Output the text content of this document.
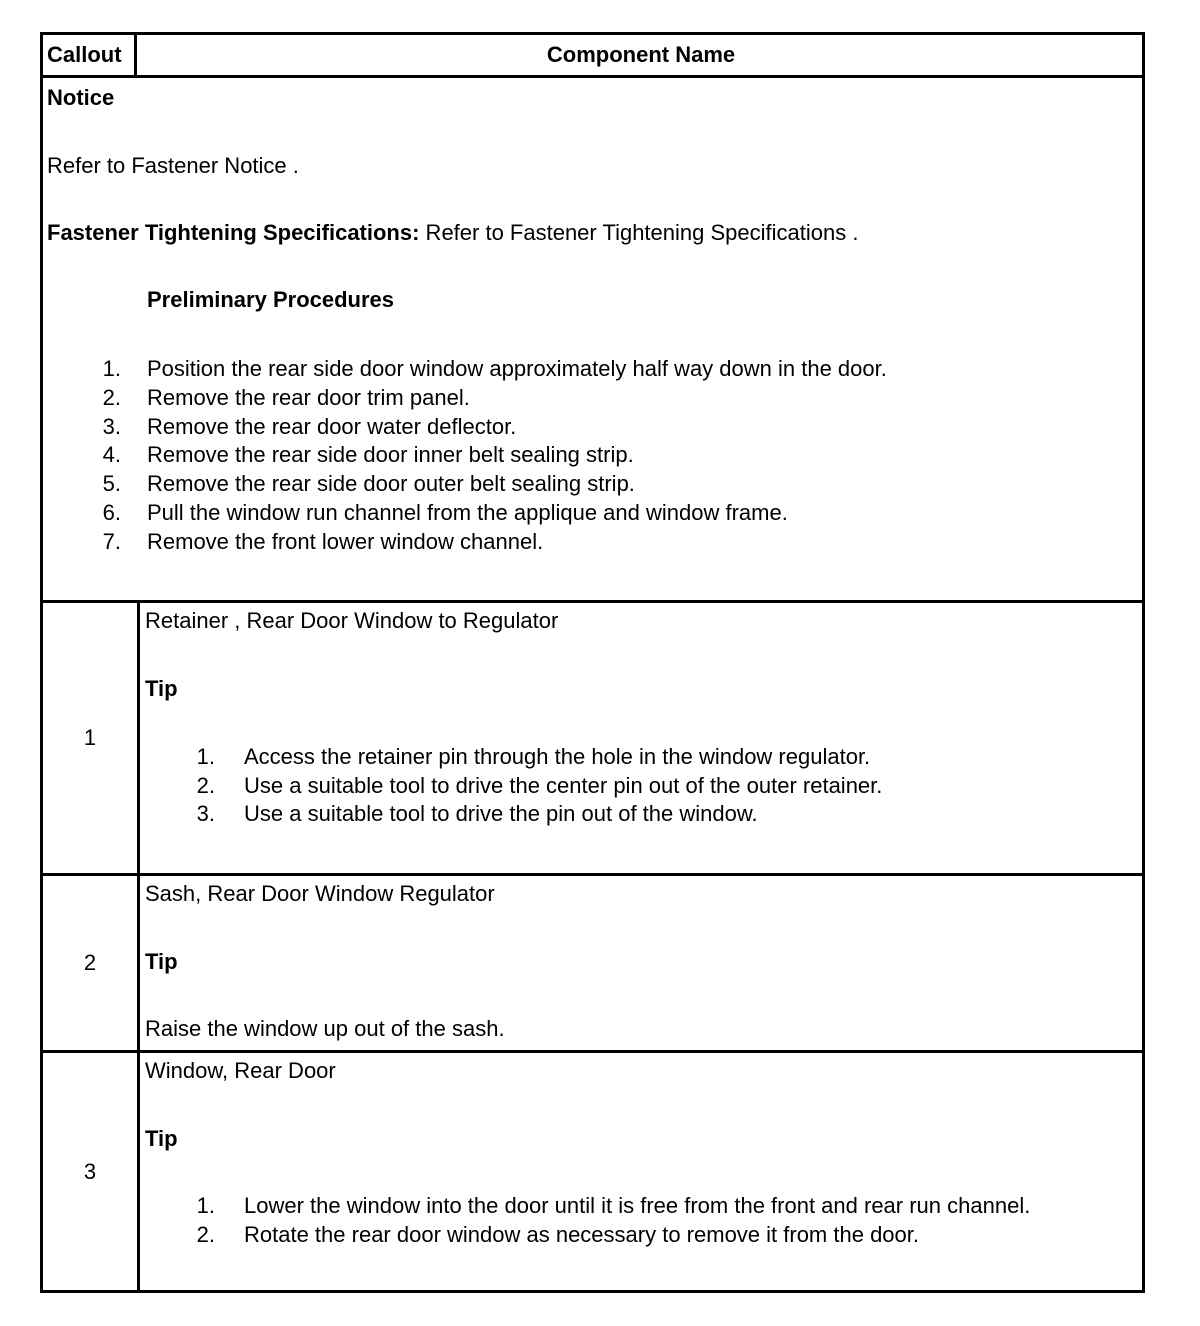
Callout	Component Name
Notice
Refer to Fastener Notice .
Fastener Tightening Specifications: Refer to Fastener Tightening Specifications .
Preliminary Procedures
1. Position the rear side door window approximately half way down in the door.
2. Remove the rear door trim panel.
3. Remove the rear door water deflector.
4. Remove the rear side door inner belt sealing strip.
5. Remove the rear side door outer belt sealing strip.
6. Pull the window run channel from the applique and window frame.
7. Remove the front lower window channel.
1
Retainer , Rear Door Window to Regulator
Tip
1. Access the retainer pin through the hole in the window regulator.
2. Use a suitable tool to drive the center pin out of the outer retainer.
3. Use a suitable tool to drive the pin out of the window.
2
Sash, Rear Door Window Regulator
Tip
Raise the window up out of the sash.
3
Window, Rear Door
Tip
1. Lower the window into the door until it is free from the front and rear run channel.
2. Rotate the rear door window as necessary to remove it from the door.
